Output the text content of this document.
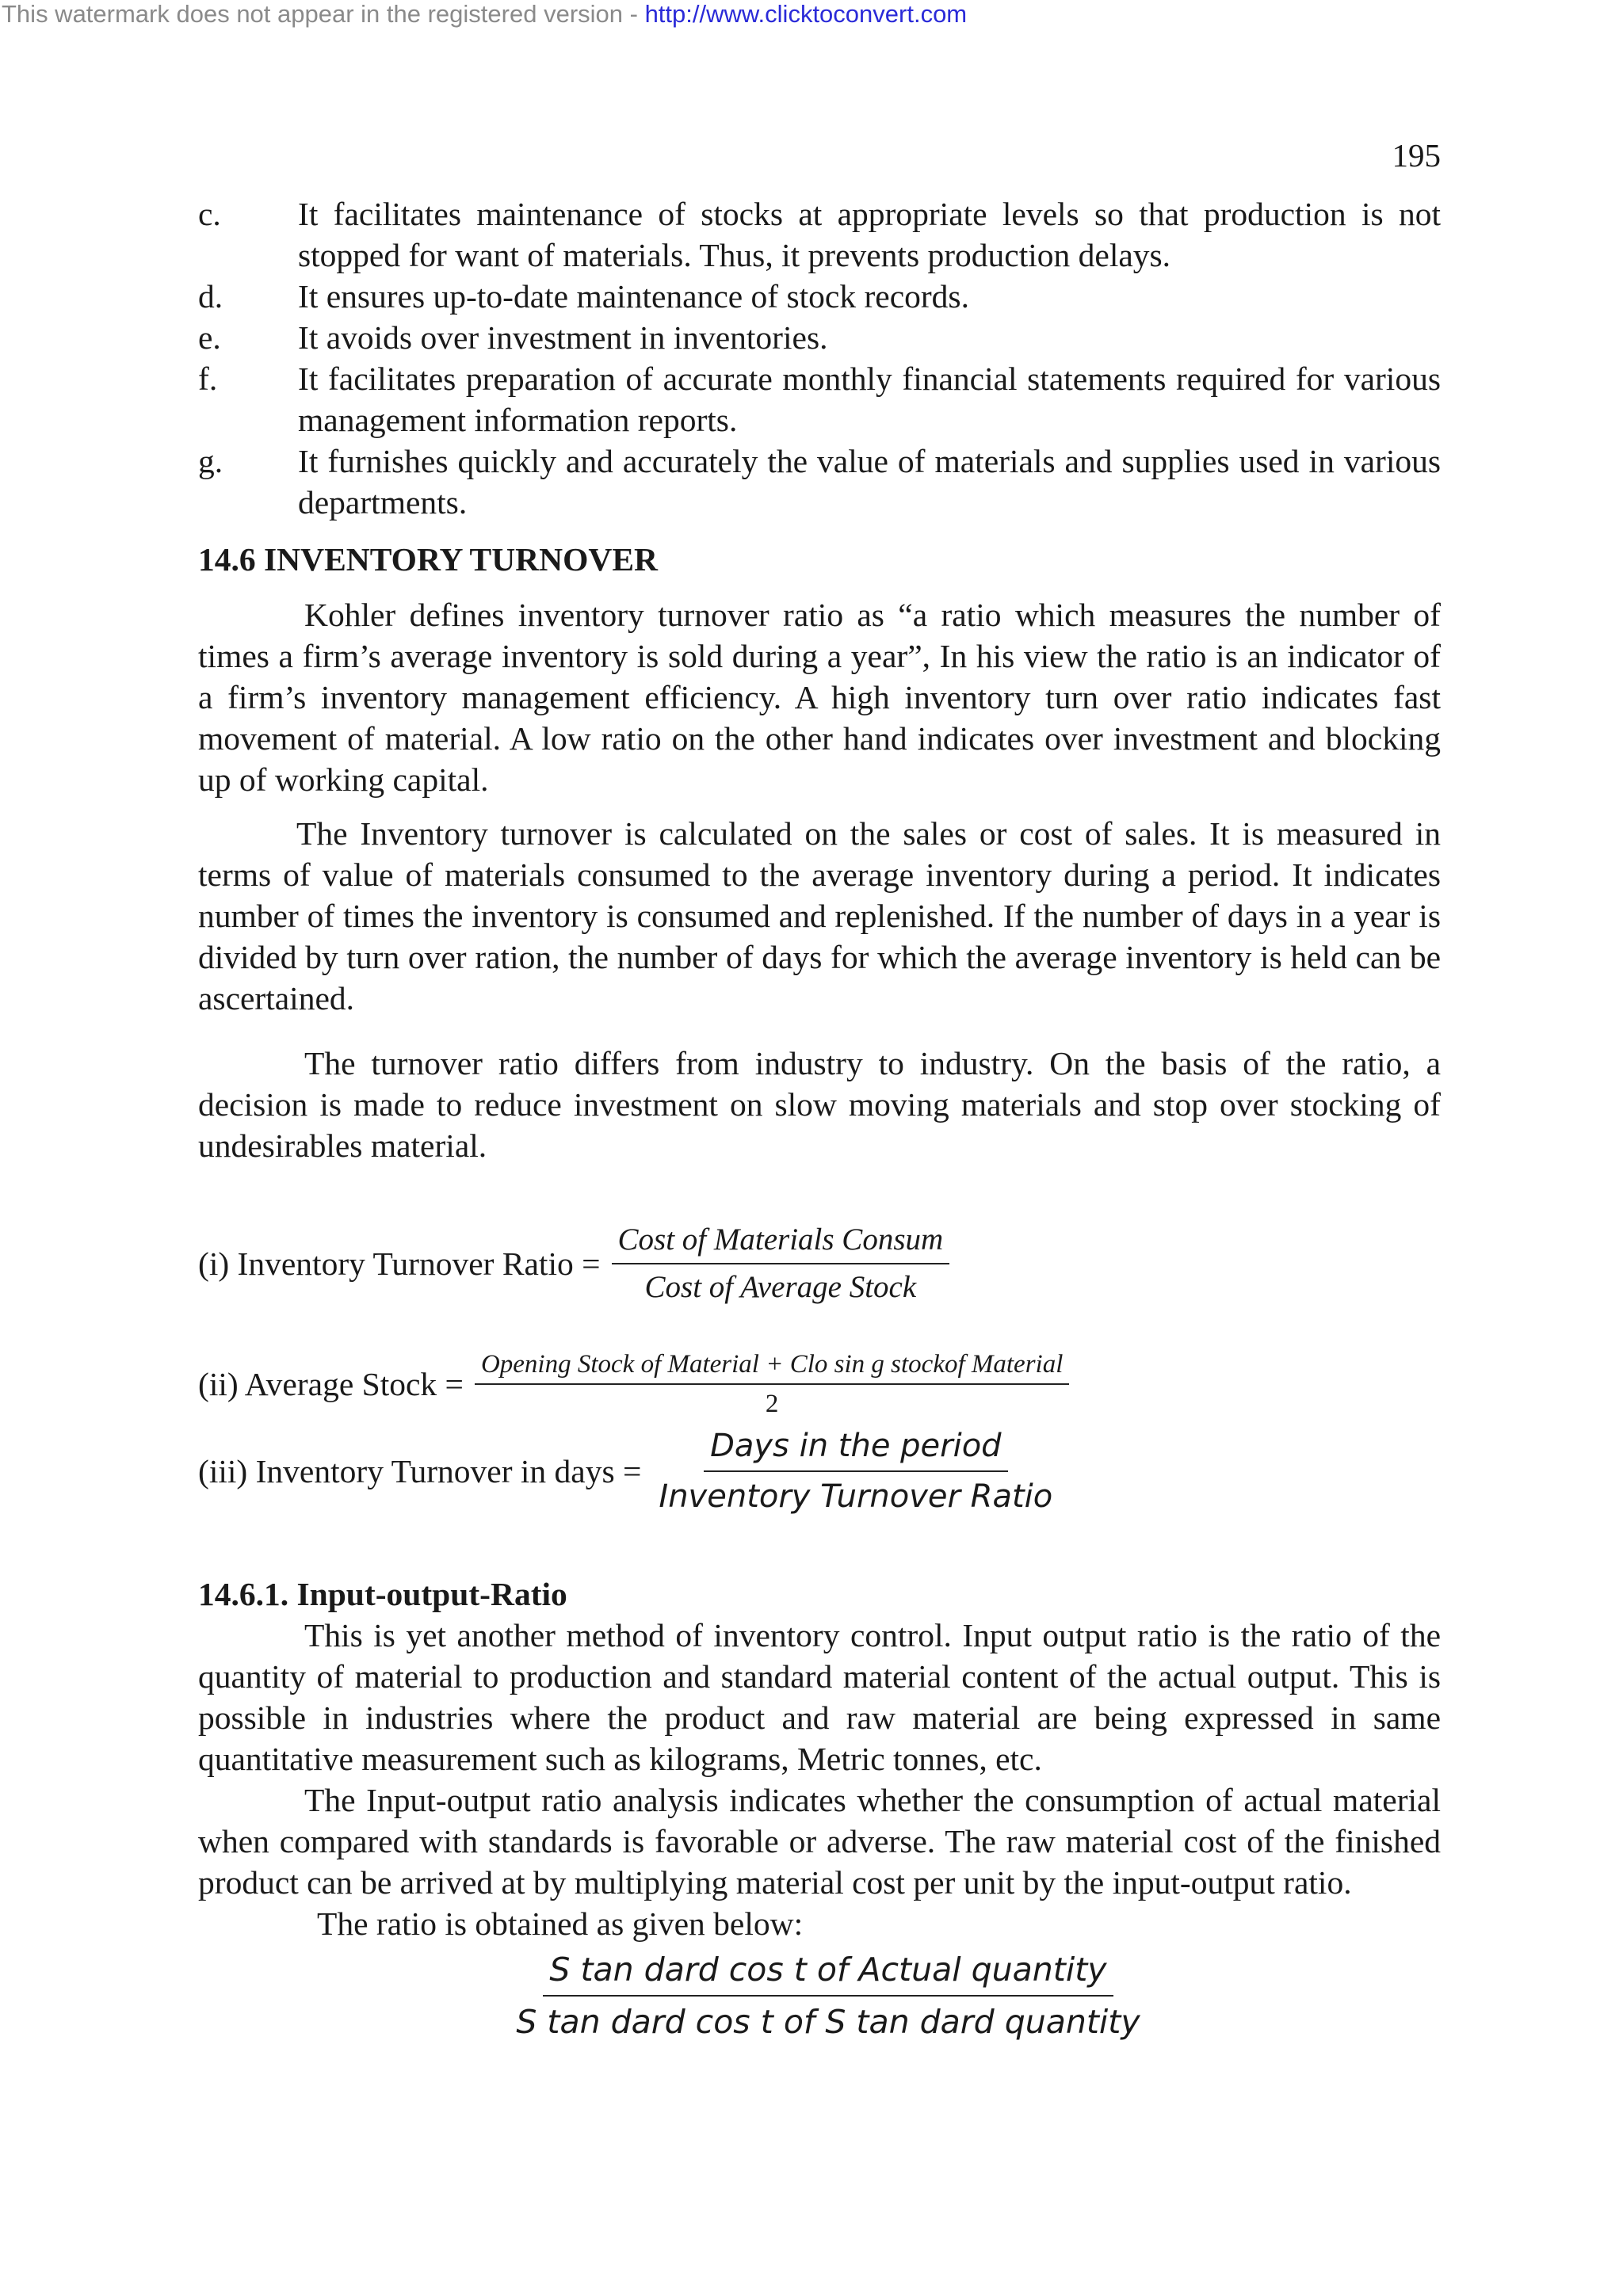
This watermark does not appear in the registered version - http://www.clicktoconvert.com
195
c.	It facilitates maintenance of stocks at appropriate levels so that production is not stopped for want of materials. Thus, it prevents production delays.
d.	It ensures up-to-date maintenance of stock records.
e.	It avoids over investment in inventories.
f.	It facilitates preparation of accurate monthly financial statements required for various management information reports.
g.	It furnishes quickly and accurately the value of materials and supplies used in various departments.
14.6 INVENTORY TURNOVER

Kohler defines inventory turnover ratio as “a ratio which measures the number of times a firm’s average inventory is sold during a year”, In his view the ratio is an indicator of a firm’s inventory management efficiency. A high inventory turn over ratio indicates fast movement of material. A low ratio on the other hand indicates over investment and blocking up of working capital.

The Inventory turnover is calculated on the sales or cost of sales. It is measured in terms of value of materials consumed to the average inventory during a period. It indicates number of times the inventory is consumed and replenished. If the number of days in a year is divided by turn over ration, the number of days for which the average inventory is held can be ascertained.

The turnover ratio differs from industry to industry. On the basis of the ratio, a decision is made to reduce investment on slow moving materials and stop over stocking of undesirables material.

(i) Inventory Turnover Ratio = $\frac{\text{Cost of Materials Consum}}{\text{Cost of Average Stock}}$
(ii) Average Stock = $\frac{\text{Opening Stock of Material + Clo sin g stockof Material}}{2}$
(iii) Inventory Turnover in days = $\frac{\text{Days in the period}}{\text{Inventory Turnover Ratio}}$
14.6.1. Input-output-Ratio

This is yet another method of inventory control. Input output ratio is the ratio of the quantity of material to production and standard material content of the actual output. This is possible in industries where the product and raw material are being expressed in same quantitative measurement such as kilograms, Metric tonnes, etc.

The Input-output ratio analysis indicates whether the consumption of actual material when compared with standards is favorable or adverse. The raw material cost of the finished product can be arrived at by multiplying material cost per unit by the input-output ratio.

The ratio is obtained as given below:

$\frac{\text{S tan dard cos t of Actual quantity}}{\text{S tan dard cos t of S tan dard quantity}}$
